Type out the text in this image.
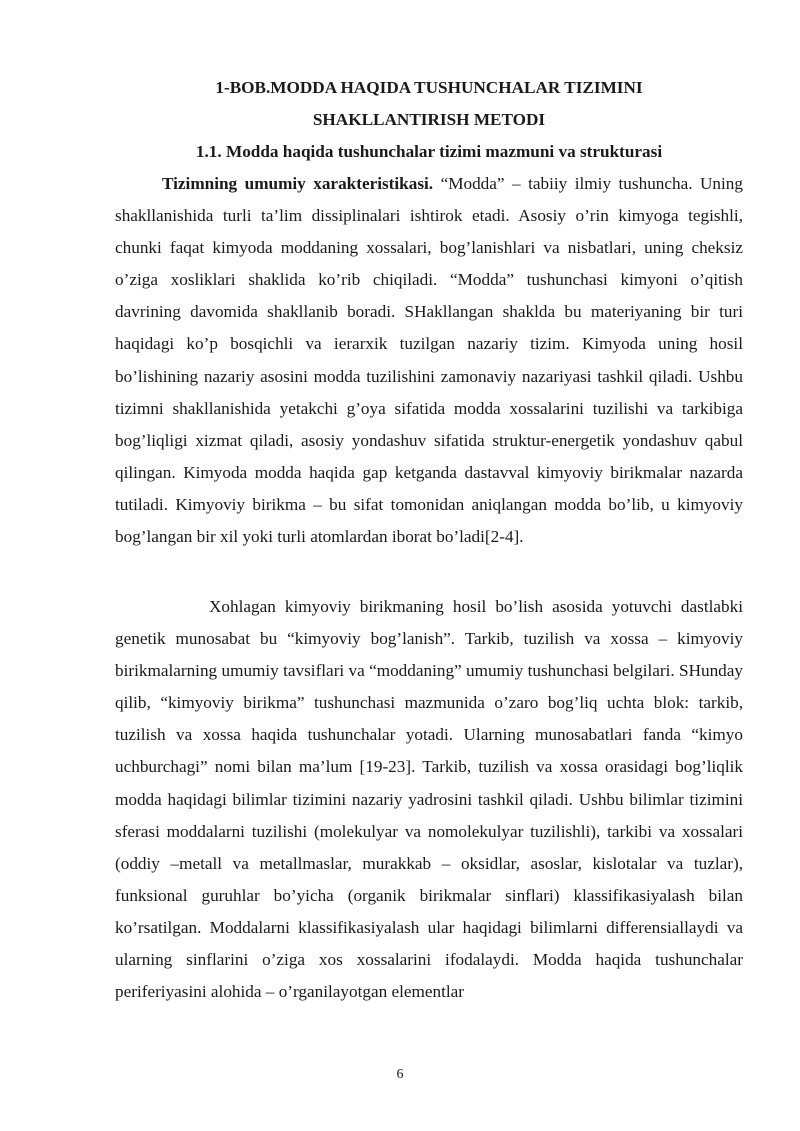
1-BOB.MODDA HAQIDA TUSHUNCHALAR TIZIMINI
SHAKLLANTIRISH METODI
1.1. Modda haqida tushunchalar tizimi mazmuni va strukturasi

Tizimning umumiy xarakteristikasi. “Modda” – tabiiy ilmiy tushuncha. Uning shakllanishida turli ta’lim dissiplinalari ishtirok etadi. Asosiy o’rin kimyoga tegishli, chunki faqat kimyoda moddaning xossalari, bog’lanishlari va nisbatlari, uning cheksiz o’ziga xosliklari shaklida ko’rib chiqiladi. “Modda” tushunchasi kimyoni o’qitish davrining davomida shakllanib boradi. SHakllangan shaklda bu materiyaning bir turi haqidagi ko’p bosqichli va ierarxik tuzilgan nazariy tizim. Kimyoda uning hosil bo’lishining nazariy asosini modda tuzilishini zamonaviy nazariyasi tashkil qiladi. Ushbu tizimni shakllanishida yetakchi g’oya sifatida modda xossalarini tuzilishi va tarkibiga bog’liqligi xizmat qiladi, asosiy yondashuv sifatida struktur-energetik yondashuv qabul qilingan. Kimyoda modda haqida gap ketganda dastavval kimyoviy birikmalar nazarda tutiladi. Kimyoviy birikma – bu sifat tomonidan aniqlangan modda bo’lib, u kimyoviy bog’langan bir xil yoki turli atomlardan iborat bo’ladi[2-4].

Xohlagan kimyoviy birikmaning hosil bo’lish asosida yotuvchi dastlabki genetik munosabat bu “kimyoviy bog’lanish”. Tarkib, tuzilish va xossa – kimyoviy birikmalarning umumiy tavsiflari va “moddaning” umumiy tushunchasi belgilari. SHunday qilib, “kimyoviy birikma” tushunchasi mazmunida o’zaro bog’liq uchta blok: tarkib, tuzilish va xossa haqida tushunchalar yotadi. Ularning munosabatlari fanda “kimyo uchburchagi” nomi bilan ma’lum [19-23]. Tarkib, tuzilish va xossa orasidagi bog’liqlik modda haqidagi bilimlar tizimini nazariy yadrosini tashkil qiladi. Ushbu bilimlar tizimini sferasi moddalarni tuzilishi (molekulyar va nomolekulyar tuzilishli), tarkibi va xossalari (oddiy –metall va metallmaslar, murakkab – oksidlar, asoslar, kislotalar va tuzlar), funksional guruhlar bo’yicha (organik birikmalar sinflari) klassifikasiyalash bilan ko’rsatilgan. Moddalarni klassifikasiyalash ular haqidagi bilimlarni differensiallaydi va ularning sinflarini o’ziga xos xossalarini ifodalaydi. Modda haqida tushunchalar periferiyasini alohida – o’rganilayotgan elementlar

6
